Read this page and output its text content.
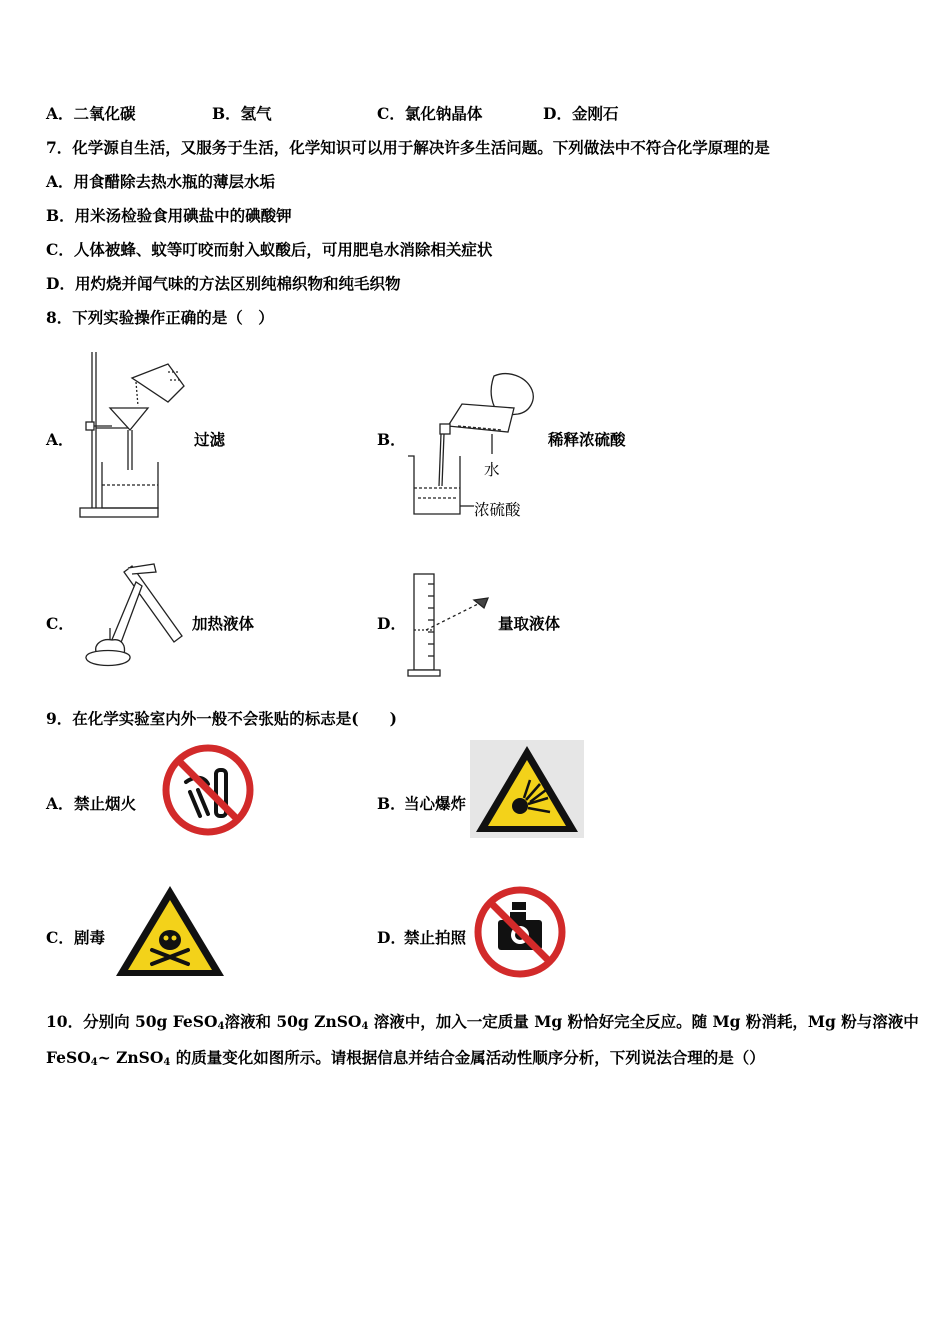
A．二氧化碳	B．氢气	C．氯化钠晶体	D．金刚石
7．化学源自生活，又服务于生活，化学知识可以用于解决许多生活问题。下列做法中不符合化学原理的是
A．用食醋除去热水瓶的薄层水垢
B．用米汤检验食用碘盐中的碘酸钾
C．人体被蜂、蚊等叮咬而射入蚁酸后，可用肥皂水消除相关症状
D．用灼烧并闻气味的方法区别纯棉织物和纯毛织物
8．下列实验操作正确的是（　）
A．	过滤	B．
水
浓硫酸
稀释浓硫酸
C．	加热液体	D．	量取液体
9．在化学实验室内外一般不会张贴的标志是(　　)
A． 禁止烟火	B．
当心爆炸
C． 剧毒	D．
禁止拍照
10．分别向 50g FeSO$_4$溶液和 50g ZnSO$_4$ 溶液中，加入一定质量 Mg 粉恰好完全反应。随 Mg 粉消耗，Mg 粉与溶液中
FeSO$_4$~ ZnSO$_4$ 的质量变化如图所示。请根据信息并结合金属活动性顺序分析，下列说法合理的是（）
